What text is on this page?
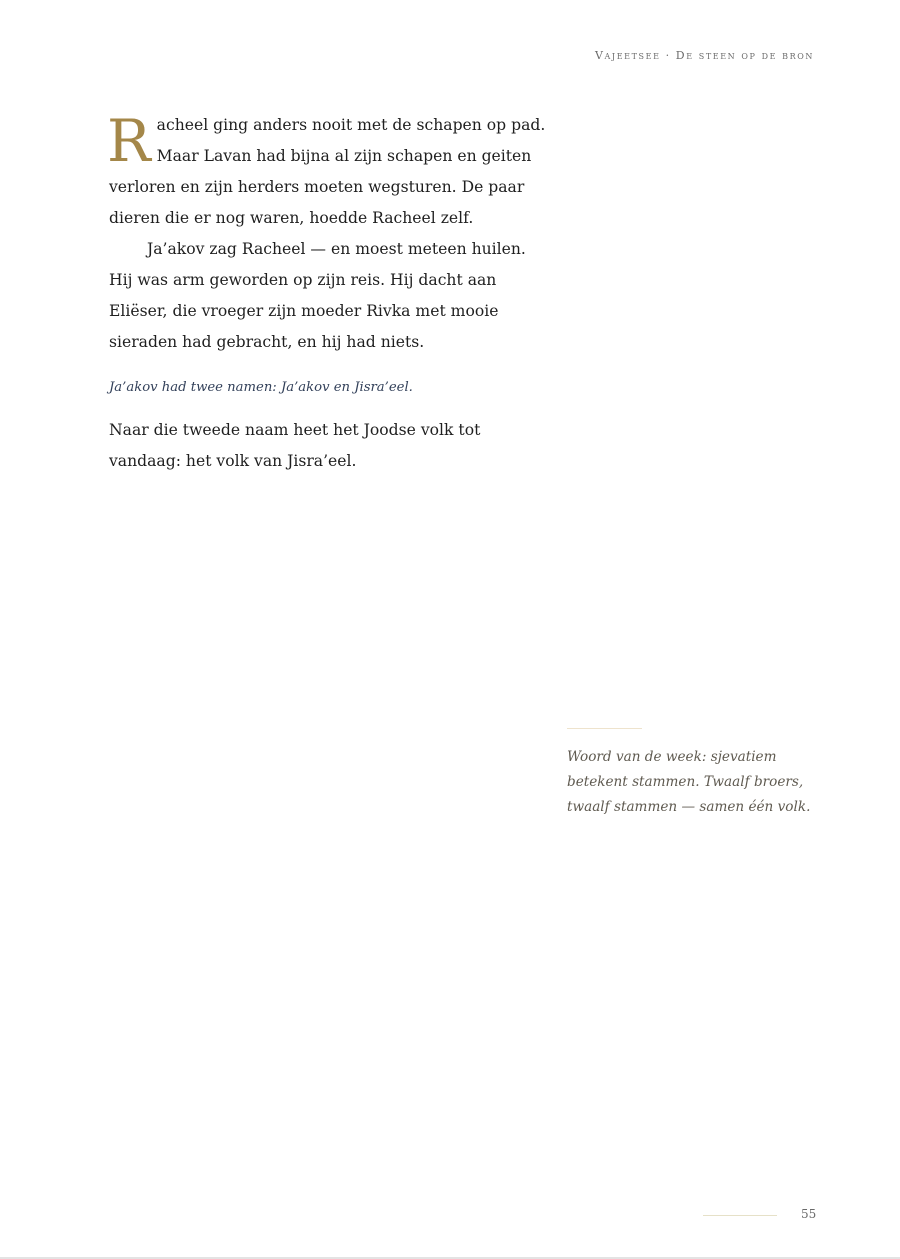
Vajeetsee · De steen op de bron

Racheel ging anders nooit met de schapen op pad. Maar Lavan had bijna al zijn schapen en geiten verloren en zijn herders moeten wegsturen. De paar dieren die er nog waren, hoedde Racheel zelf.

Ja’akov zag Racheel — en moest meteen huilen. Hij was arm geworden op zijn reis. Hij dacht aan Eliëser, die vroeger zijn moeder Rivka met mooie sieraden had gebracht, en hij had niets.

Ja’akov had twee namen: Ja’akov en Jisra’eel.

Naar die tweede naam heet het Joodse volk tot vandaag: het volk van Jisra’eel.

Woord van de week: sjevatiem betekent stammen. Twaalf broers, twaalf stammen — samen één volk.
55
